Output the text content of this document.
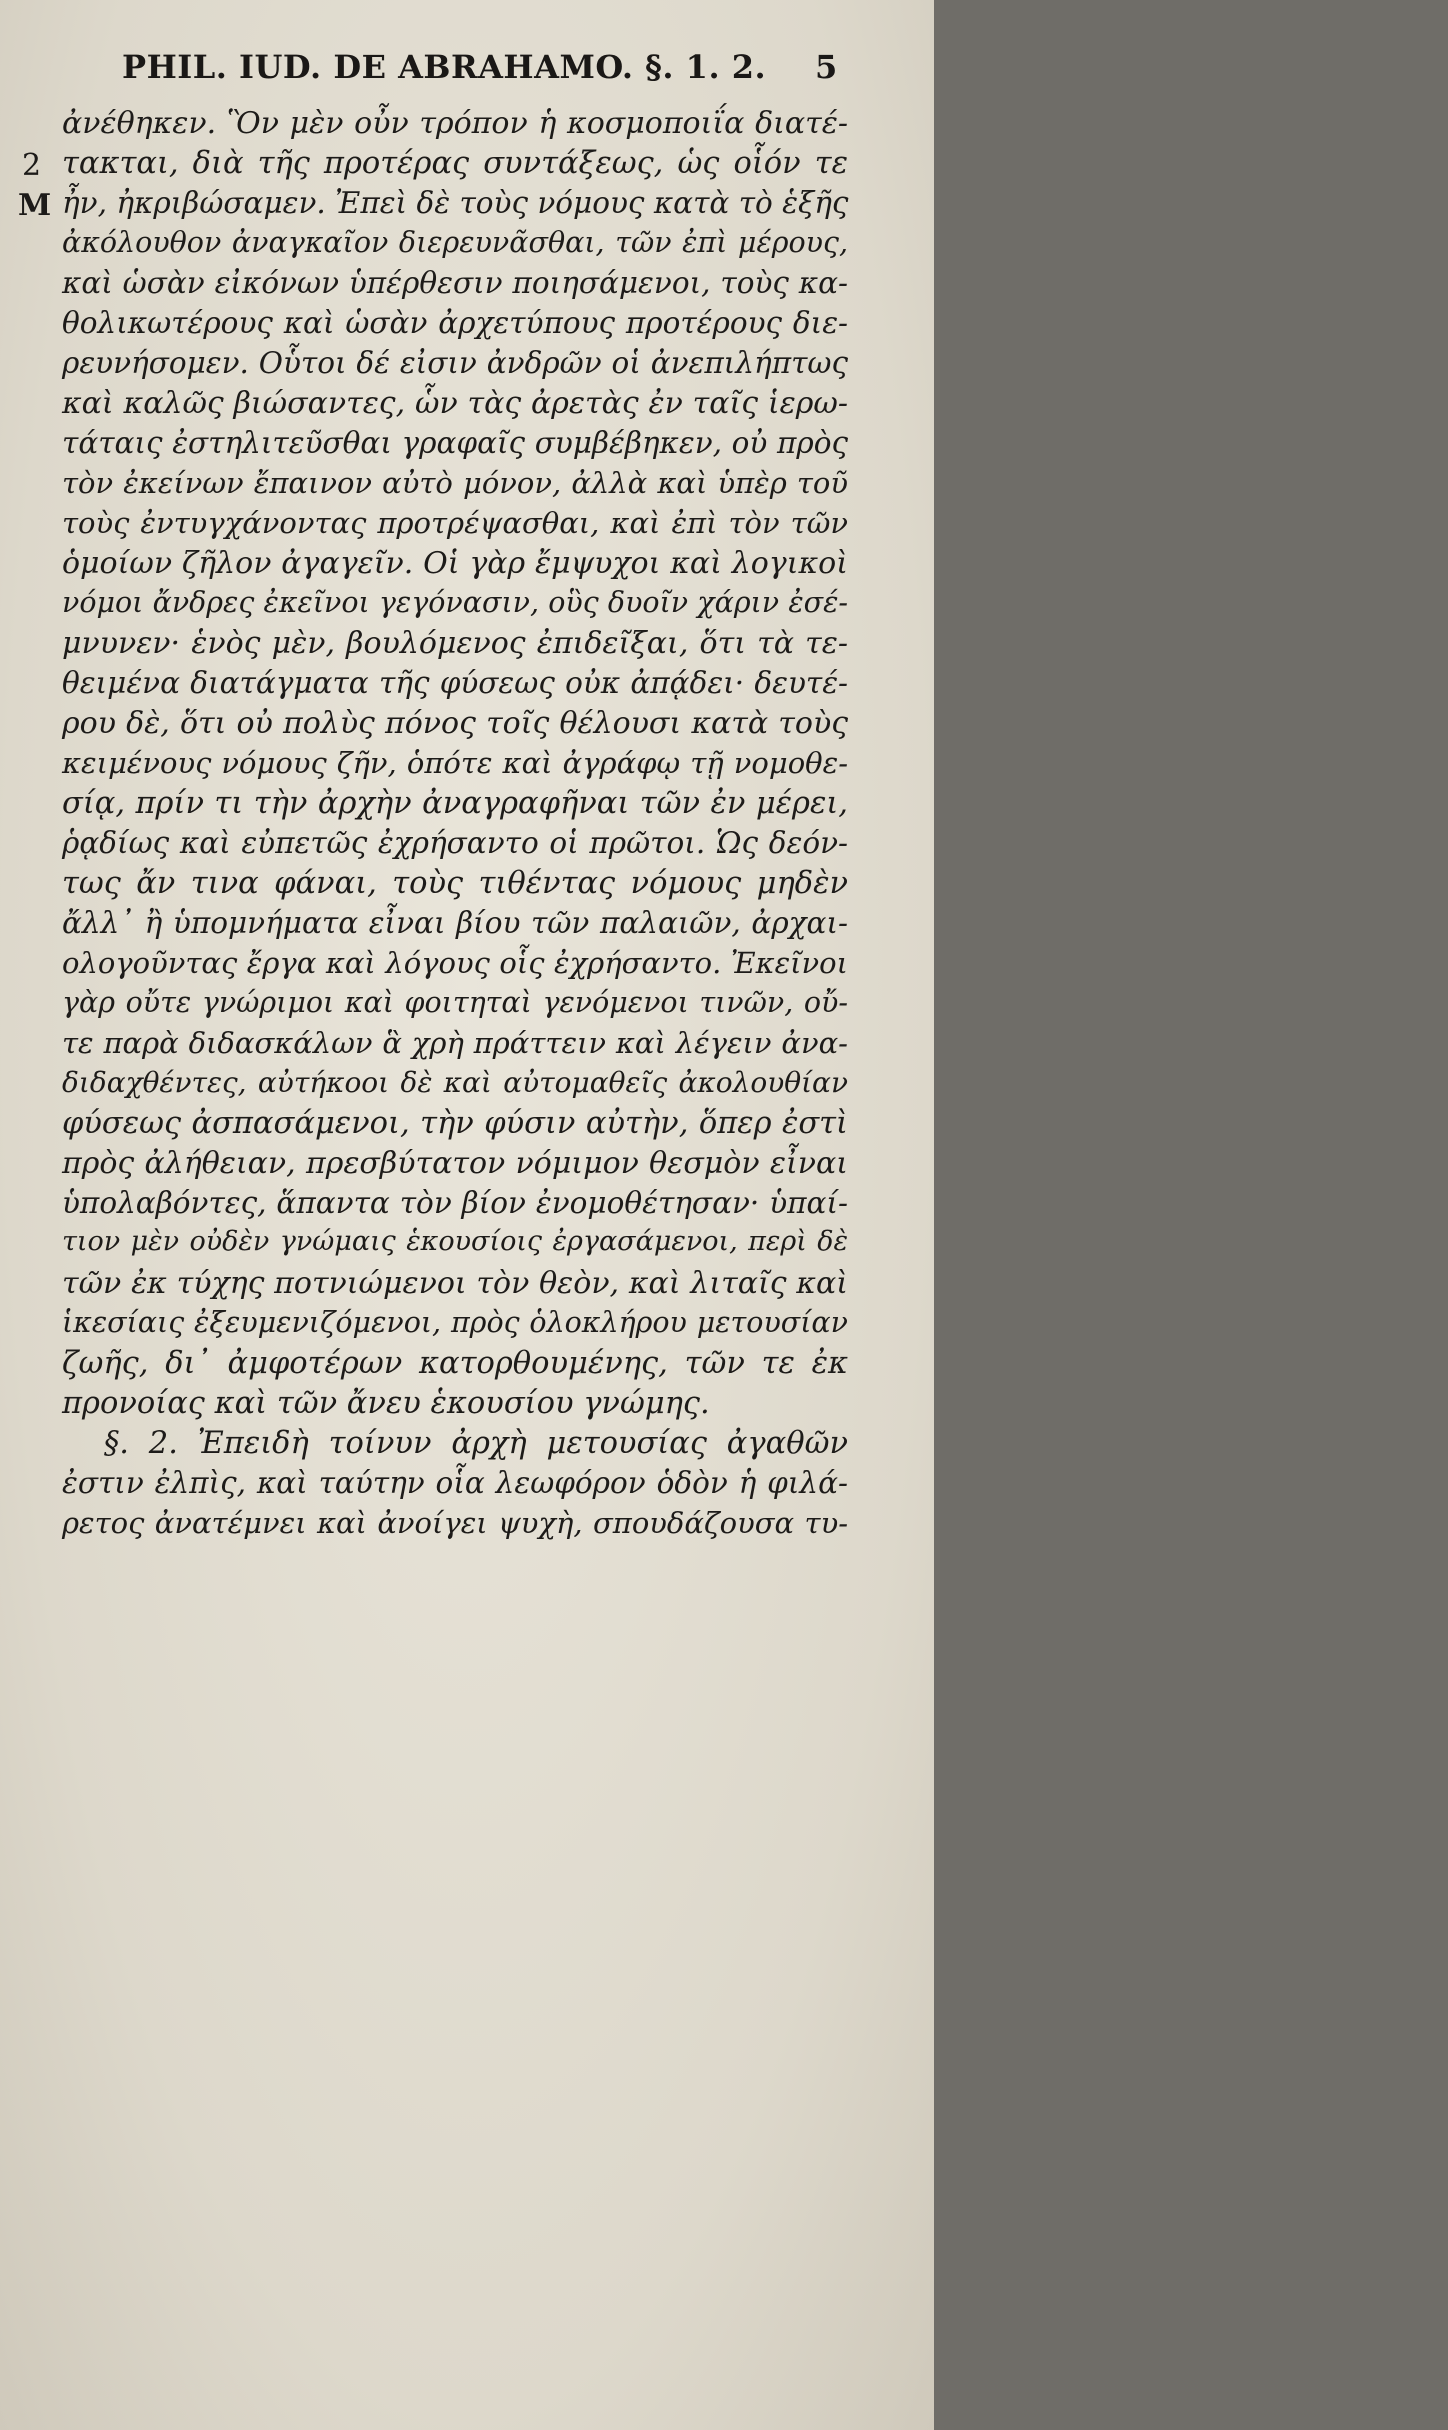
PHIL. IUD. DE ABRAHAMO. §. 1. 2. 5
2
M
ἀνέθηκεν. Ὃν μὲν οὖν τρόπον ἡ κοσμοποιΐα διατέ-
τακται, διὰ τῆς προτέρας συντάξεως, ὡς οἷόν τε
ἦν, ἠκριβώσαμεν. Ἐπεὶ δὲ τοὺς νόμους κατὰ τὸ ἑξῆς
ἀκόλουθον ἀναγκαῖον διερευνᾶσθαι, τῶν ἐπὶ μέρους,
καὶ ὡσὰν εἰκόνων ὑπέρθεσιν ποιησάμενοι, τοὺς κα-
θολικωτέρους καὶ ὡσὰν ἀρχετύπους προτέρους διε-
ρευνήσομεν. Οὗτοι δέ εἰσιν ἀνδρῶν οἱ ἀνεπιλήπτως
καὶ καλῶς βιώσαντες, ὧν τὰς ἀρετὰς ἐν ταῖς ἱερω-
τάταις ἐστηλιτεῦσθαι γραφαῖς συμβέβηκεν, οὐ πρὸς
τὸν ἐκείνων ἔπαινον αὐτὸ μόνον, ἀλλὰ καὶ ὑπὲρ τοῦ
τοὺς ἐντυγχάνοντας προτρέψασθαι, καὶ ἐπὶ τὸν τῶν
ὁμοίων ζῆλον ἀγαγεῖν. Οἱ γὰρ ἔμψυχοι καὶ λογικοὶ
νόμοι ἄνδρες ἐκεῖνοι γεγόνασιν, οὓς δυοῖν χάριν ἐσέ-
μνυνεν· ἑνὸς μὲν, βουλόμενος ἐπιδεῖξαι, ὅτι τὰ τε-
θειμένα διατάγματα τῆς φύσεως οὐκ ἀπᾴδει· δευτέ-
ρου δὲ, ὅτι οὐ πολὺς πόνος τοῖς θέλουσι κατὰ τοὺς
κειμένους νόμους ζῆν, ὁπότε καὶ ἀγράφῳ τῇ νομοθε-
σίᾳ, πρίν τι τὴν ἀρχὴν ἀναγραφῆναι τῶν ἐν μέρει,
ῥᾳδίως καὶ εὐπετῶς ἐχρήσαντο οἱ πρῶτοι. Ὡς δεόν-
τως ἄν τινα φάναι, τοὺς τιθέντας νόμους μηδὲν
ἄλλ᾽ ἢ ὑπομνήματα εἶναι βίου τῶν παλαιῶν, ἀρχαι-
ολογοῦντας ἔργα καὶ λόγους οἷς ἐχρήσαντο. Ἐκεῖνοι
γὰρ οὔτε γνώριμοι καὶ φοιτηταὶ γενόμενοι τινῶν, οὔ-
τε παρὰ διδασκάλων ἃ χρὴ πράττειν καὶ λέγειν ἀνα-
διδαχθέντες, αὐτήκοοι δὲ καὶ αὐτομαθεῖς ἀκολουθίαν
φύσεως ἀσπασάμενοι, τὴν φύσιν αὐτὴν, ὅπερ ἐστὶ
πρὸς ἀλήθειαν, πρεσβύτατον νόμιμον θεσμὸν εἶναι
ὑπολαβόντες, ἅπαντα τὸν βίον ἐνομοθέτησαν· ὑπαί-
τιον μὲν οὐδὲν γνώμαις ἑκουσίοις ἐργασάμενοι, περὶ δὲ
τῶν ἐκ τύχης ποτνιώμενοι τὸν θεὸν, καὶ λιταῖς καὶ
ἱκεσίαις ἐξευμενιζόμενοι, πρὸς ὁλοκλήρου μετουσίαν
ζωῆς, δι᾽ ἀμφοτέρων κατορθουμένης, τῶν τε ἐκ
προνοίας καὶ τῶν ἄνευ ἑκουσίου γνώμης.
§. 2. Ἐπειδὴ τοίνυν ἀρχὴ μετουσίας ἀγαθῶν
ἐστιν ἐλπὶς, καὶ ταύτην οἷα λεωφόρον ὁδὸν ἡ φιλά-
ρετος ἀνατέμνει καὶ ἀνοίγει ψυχὴ, σπουδάζουσα τυ-
